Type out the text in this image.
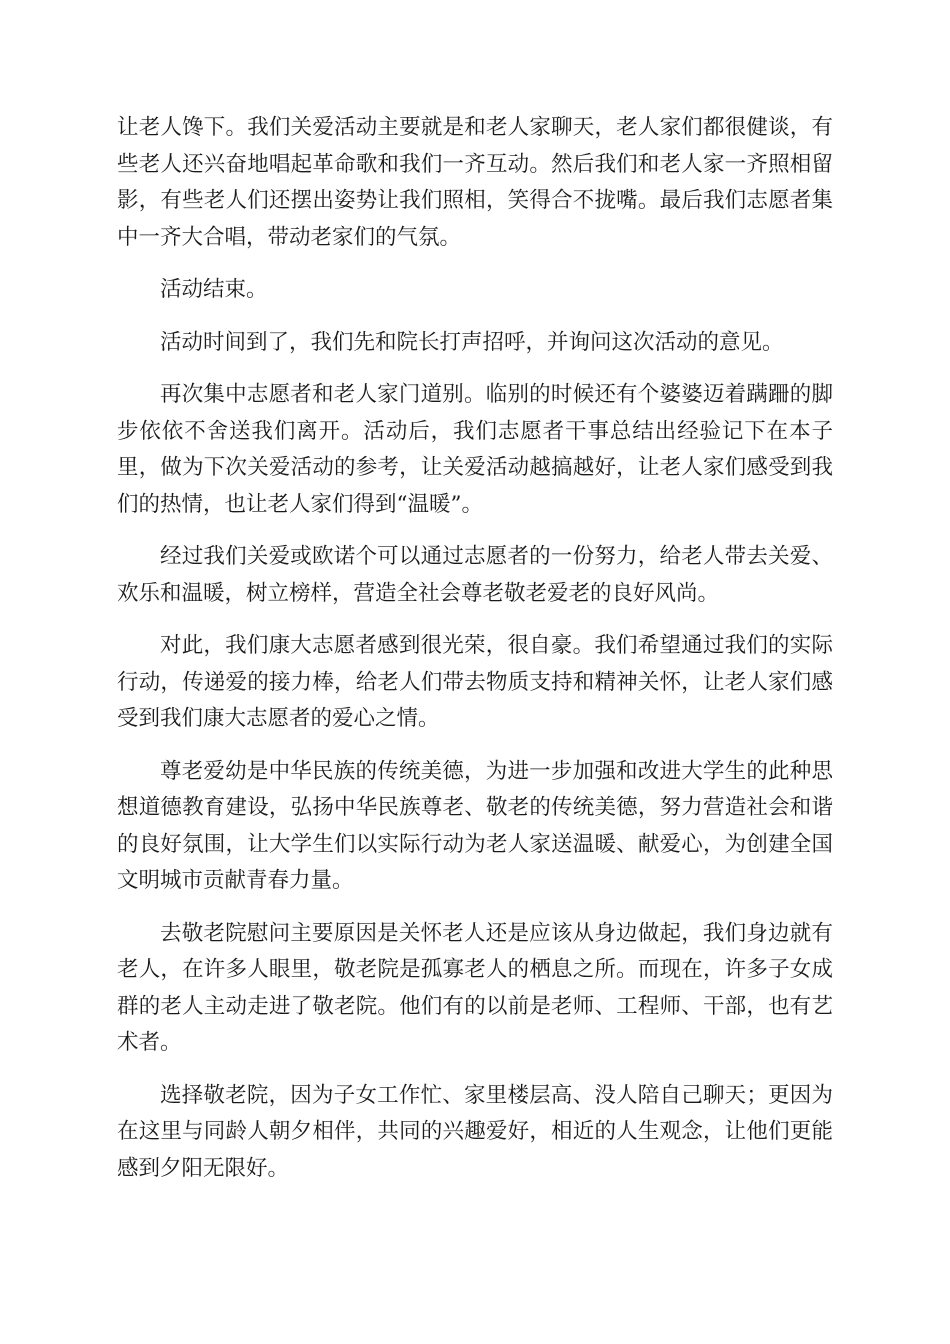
让老人馋下。我们关爱活动主要就是和老人家聊天，老人家们都很健谈，有些老人还兴奋地唱起革命歌和我们一齐互动。然后我们和老人家一齐照相留影，有些老人们还摆出姿势让我们照相，笑得合不拢嘴。最后我们志愿者集中一齐大合唱，带动老家们的气氛。

活动结束。

活动时间到了，我们先和院长打声招呼，并询问这次活动的意见。

再次集中志愿者和老人家门道别。临别的时候还有个婆婆迈着蹒跚的脚步依依不舍送我们离开。活动后，我们志愿者干事总结出经验记下在本子里，做为下次关爱活动的参考，让关爱活动越搞越好，让老人家们感受到我们的热情，也让老人家们得到“温暖”。

经过我们关爱或欧诺个可以通过志愿者的一份努力，给老人带去关爱、欢乐和温暖，树立榜样，营造全社会尊老敬老爱老的良好风尚。

对此，我们康大志愿者感到很光荣，很自豪。我们希望通过我们的实际行动，传递爱的接力棒，给老人们带去物质支持和精神关怀，让老人家们感受到我们康大志愿者的爱心之情。

尊老爱幼是中华民族的传统美德，为进一步加强和改进大学生的此种思想道德教育建设，弘扬中华民族尊老、敬老的传统美德，努力营造社会和谐的良好氛围，让大学生们以实际行动为老人家送温暖、献爱心，为创建全国文明城市贡献青春力量。

去敬老院慰问主要原因是关怀老人还是应该从身边做起，我们身边就有老人，在许多人眼里，敬老院是孤寡老人的栖息之所。而现在，许多子女成群的老人主动走进了敬老院。他们有的以前是老师、工程师、干部，也有艺术者。

选择敬老院，因为子女工作忙、家里楼层高、没人陪自己聊天；更因为在这里与同龄人朝夕相伴，共同的兴趣爱好，相近的人生观念，让他们更能感到夕阳无限好。
